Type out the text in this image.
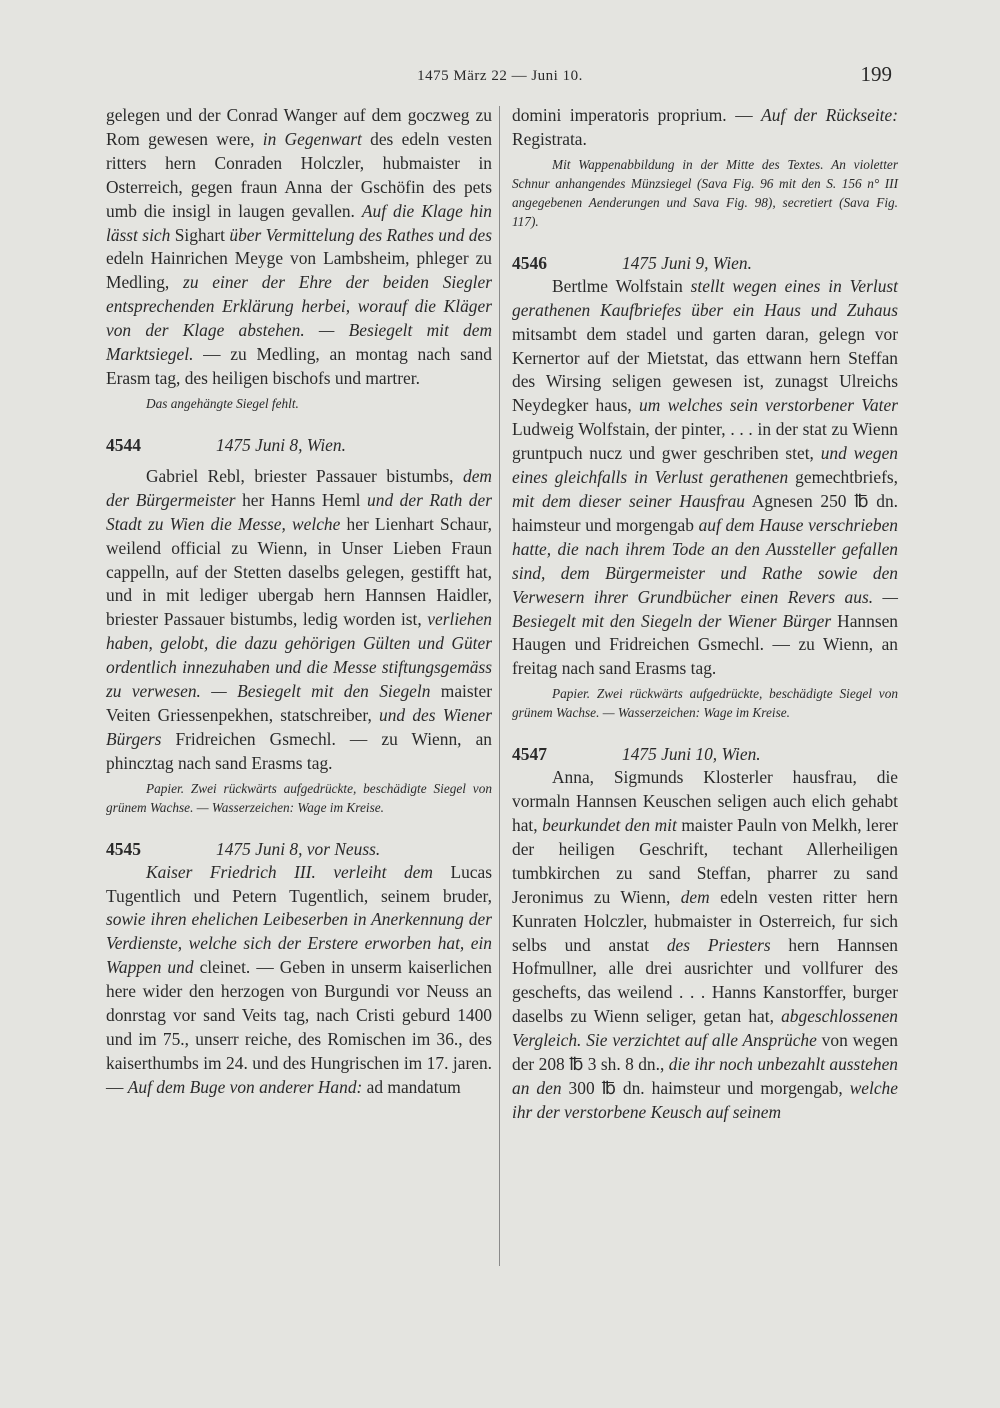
1475 März 22 — Juni 10.	199

gelegen und der Conrad Wanger auf dem goczweg zu Rom gewesen were, in Gegenwart des edeln vesten ritters hern Conraden Holczler, hubmaister in Osterreich, gegen fraun Anna der Gschöfin des pets umb die insigl in laugen gevallen. Auf die Klage hin lässt sich Sighart über Vermittelung des Rathes und des edeln Hainrichen Meyge von Lambsheim, phleger zu Medling, zu einer der Ehre der beiden Siegler entsprechenden Erklärung herbei, worauf die Kläger von der Klage abstehen. — Besiegelt mit dem Marktsiegel. — zu Medling, an montag nach sand Erasm tag, des heiligen bischofs und martrer.

Das angehängte Siegel fehlt.

4544	1475 Juni 8, Wien.

Gabriel Rebl, briester Passauer bistumbs, dem der Bürgermeister her Hanns Heml und der Rath der Stadt zu Wien die Messe, welche her Lienhart Schaur, weilend official zu Wienn, in Unser Lieben Fraun cappelln, auf der Stetten daselbs gelegen, gestifft hat, und in mit lediger ubergab hern Hannsen Haidler, briester Passauer bistumbs, ledig worden ist, verliehen haben, gelobt, die dazu gehörigen Gülten und Güter ordentlich innezuhaben und die Messe stiftungsgemäss zu verwesen. — Besiegelt mit den Siegeln maister Veiten Griessenpekhen, statschreiber, und des Wiener Bürgers Fridreichen Gsmechl. — zu Wienn, an phincztag nach sand Erasms tag.

Papier. Zwei rückwärts aufgedrückte, beschädigte Siegel von grünem Wachse. — Wasserzeichen: Wage im Kreise.

4545	1475 Juni 8, vor Neuss.

Kaiser Friedrich III. verleiht dem Lucas Tugentlich und Petern Tugentlich, seinem bruder, sowie ihren ehelichen Leibeserben in Anerkennung der Verdienste, welche sich der Erstere erworben hat, ein Wappen und cleinet. — Geben in unserm kaiserlichen here wider den herzogen von Burgundi vor Neuss an donrstag vor sand Veits tag, nach Cristi geburd 1400 und im 75., unserr reiche, des Romischen im 36., des kaiserthumbs im 24. und des Hungrischen im 17. jaren. — Auf dem Buge von anderer Hand: ad mandatum

domini imperatoris proprium. — Auf der Rückseite: Registrata.

Mit Wappenabbildung in der Mitte des Textes. An violetter Schnur anhangendes Münzsiegel (Sava Fig. 96 mit den S. 156 n° III angegebenen Aenderungen und Sava Fig. 98), secretiert (Sava Fig. 117).

4546	1475 Juni 9, Wien.

Bertlme Wolfstain stellt wegen eines in Verlust gerathenen Kaufbriefes über ein Haus und Zuhaus mitsambt dem stadel und garten daran, gelegn vor Kernertor auf der Mietstat, das ettwann hern Steffan des Wirsing seligen gewesen ist, zunagst Ulreichs Neydegker haus, um welches sein verstorbener Vater Ludweig Wolfstain, der pinter, . . . in der stat zu Wienn gruntpuch nucz und gwer geschriben stet, und wegen eines gleichfalls in Verlust gerathenen gemechtbriefs, mit dem dieser seiner Hausfrau Agnesen 250 ℔ dn. haimsteur und morgengab auf dem Hause verschrieben hatte, die nach ihrem Tode an den Aussteller gefallen sind, dem Bürgermeister und Rathe sowie den Verwesern ihrer Grundbücher einen Revers aus. — Besiegelt mit den Siegeln der Wiener Bürger Hannsen Haugen und Fridreichen Gsmechl. — zu Wienn, an freitag nach sand Erasms tag.

Papier. Zwei rückwärts aufgedrückte, beschädigte Siegel von grünem Wachse. — Wasserzeichen: Wage im Kreise.

4547	1475 Juni 10, Wien.

Anna, Sigmunds Klosterler hausfrau, die vormaln Hannsen Keuschen seligen auch elich gehabt hat, beurkundet den mit maister Pauln von Melkh, lerer der heiligen Geschrift, techant Allerheiligen tumbkirchen zu sand Steffan, pharrer zu sand Jeronimus zu Wienn, dem edeln vesten ritter hern Kunraten Holczler, hubmaister in Osterreich, fur sich selbs und anstat des Priesters hern Hannsen Hofmullner, alle drei ausrichter und vollfurer des geschefts, das weilend . . . Hanns Kanstorffer, burger daselbs zu Wienn seliger, getan hat, abgeschlossenen Vergleich. Sie verzichtet auf alle Ansprüche von wegen der 208 ℔ 3 sh. 8 dn., die ihr noch unbezahlt ausstehen an den 300 ℔ dn. haimsteur und morgengab, welche ihr der verstorbene Keusch auf seinem
